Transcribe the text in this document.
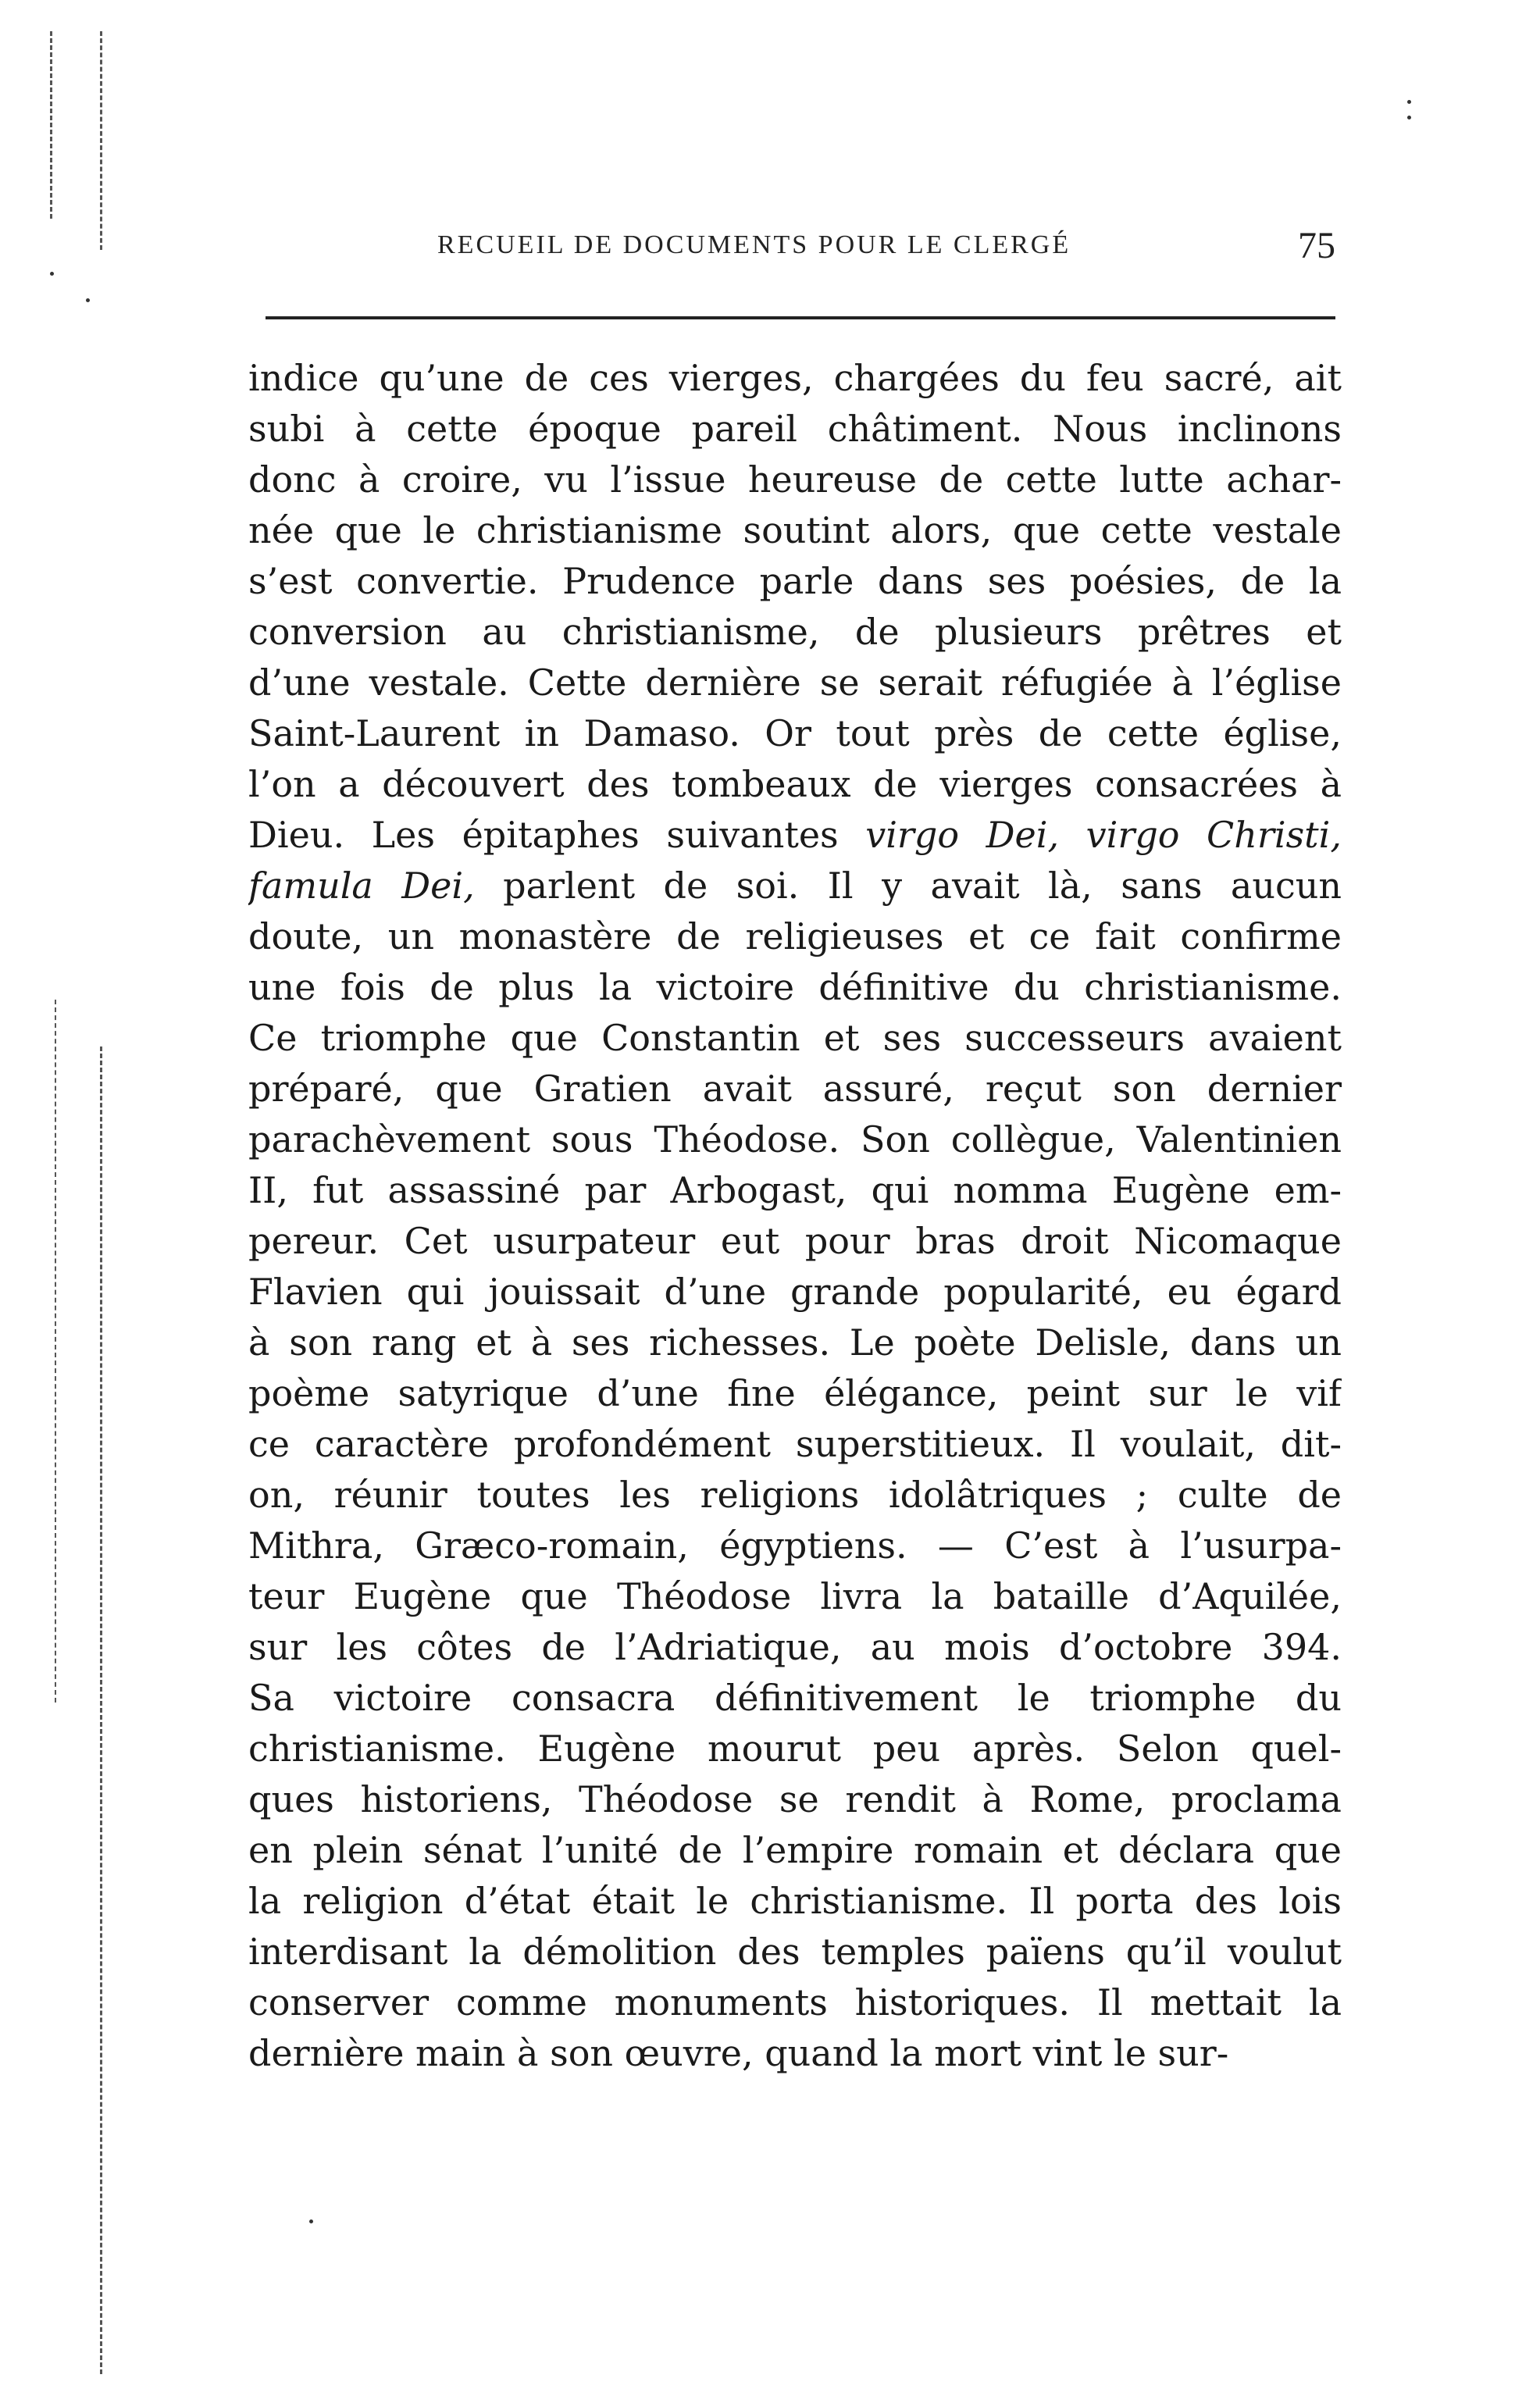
RECUEIL DE DOCUMENTS POUR LE CLERGÉ	75
indice qu’une de ces vierges, chargées du feu sacré, ait
subi à cette époque pareil châtiment. Nous inclinons
donc à croire, vu l’issue heureuse de cette lutte achar-
née que le christianisme soutint alors, que cette vestale
s’est convertie. Prudence parle dans ses poésies, de la
conversion au christianisme, de plusieurs prêtres et
d’une vestale. Cette dernière se serait réfugiée à l’église
Saint-Laurent in Damaso. Or tout près de cette église,
l’on a découvert des tombeaux de vierges consacrées à
Dieu. Les épitaphes suivantes virgo Dei, virgo Christi,
famula Dei, parlent de soi. Il y avait là, sans aucun
doute, un monastère de religieuses et ce fait confirme
une fois de plus la victoire définitive du christianisme.
Ce triomphe que Constantin et ses successeurs avaient
préparé, que Gratien avait assuré, reçut son dernier
parachèvement sous Théodose. Son collègue, Valentinien
II, fut assassiné par Arbogast, qui nomma Eugène em-
pereur. Cet usurpateur eut pour bras droit Nicomaque
Flavien qui jouissait d’une grande popularité, eu égard
à son rang et à ses richesses. Le poète Delisle, dans un
poème satyrique d’une fine élégance, peint sur le vif
ce caractère profondément superstitieux. Il voulait, dit-
on, réunir toutes les religions idolâtriques ; culte de
Mithra, Græco-romain, égyptiens. — C’est à l’usurpa-
teur Eugène que Théodose livra la bataille d’Aquilée,
sur les côtes de l’Adriatique, au mois d’octobre 394.
Sa victoire consacra définitivement le triomphe du
christianisme. Eugène mourut peu après. Selon quel-
ques historiens, Théodose se rendit à Rome, proclama
en plein sénat l’unité de l’empire romain et déclara que
la religion d’état était le christianisme. Il porta des lois
interdisant la démolition des temples païens qu’il voulut
conserver comme monuments historiques. Il mettait la
dernière main à son œuvre, quand la mort vint le sur-
